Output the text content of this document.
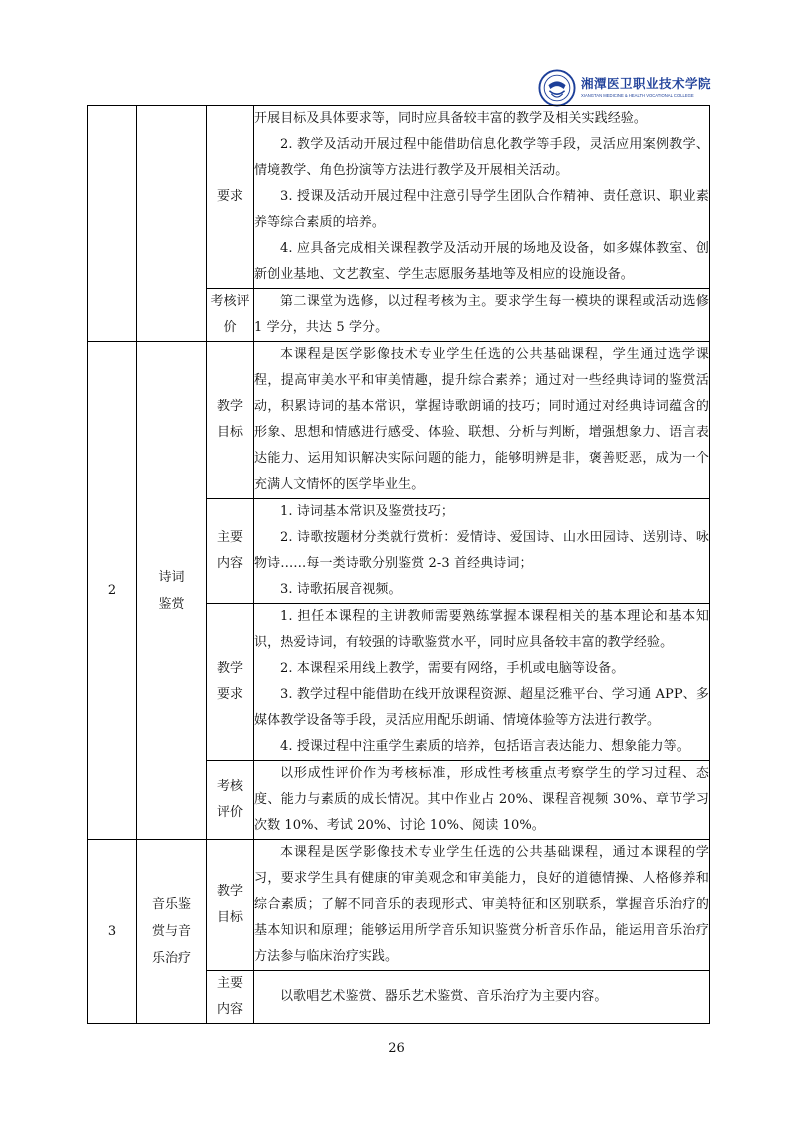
湘潭医卫职业技术学院
XIANGTAN MEDICINE & HEALTH VOCATIONAL COLLEGE
		要求	开展目标及具体要求等，同时应具备较丰富的教学及相关实践经验。

2. 教学及活动开展过程中能借助信息化教学等手段，灵活应用案例教学、情境教学、角色扮演等方法进行教学及开展相关活动。

3. 授课及活动开展过程中注意引导学生团队合作精神、责任意识、职业素养等综合素质的培养。

4. 应具备完成相关课程教学及活动开展的场地及设备，如多媒体教室、创新创业基地、文艺教室、学生志愿服务基地等及相应的设施设备。

		考核评价	第二课堂为选修，以过程考核为主。要求学生每一模块的课程或活动选修 1 学分，共达 5 学分。

2	诗词鉴赏	教学目标	本课程是医学影像技术专业学生任选的公共基础课程，学生通过选学课程，提高审美水平和审美情趣，提升综合素养；通过对一些经典诗词的鉴赏活动，积累诗词的基本常识，掌握诗歌朗诵的技巧；同时通过对经典诗词蕴含的形象、思想和情感进行感受、体验、联想、分析与判断，增强想象力、语言表达能力、运用知识解决实际问题的能力，能够明辨是非，褒善贬恶，成为一个充满人文情怀的医学毕业生。

		主要内容	1. 诗词基本常识及鉴赏技巧；

2. 诗歌按题材分类就行赏析：爱情诗、爱国诗、山水田园诗、送别诗、咏物诗……每一类诗歌分别鉴赏 2-3 首经典诗词；

3. 诗歌拓展音视频。

		教学要求	1. 担任本课程的主讲教师需要熟练掌握本课程相关的基本理论和基本知识，热爱诗词，有较强的诗歌鉴赏水平，同时应具备较丰富的教学经验。

2. 本课程采用线上教学，需要有网络，手机或电脑等设备。

3. 教学过程中能借助在线开放课程资源、超星泛雅平台、学习通 APP、多媒体教学设备等手段，灵活应用配乐朗诵、情境体验等方法进行教学。

4. 授课过程中注重学生素质的培养，包括语言表达能力、想象能力等。

		考核评价	以形成性评价作为考核标准，形成性考核重点考察学生的学习过程、态度、能力与素质的成长情况。其中作业占 20%、课程音视频 30%、章节学习次数 10%、考试 20%、讨论 10%、阅读 10%。

3	音乐鉴赏与音乐治疗	教学目标	本课程是医学影像技术专业学生任选的公共基础课程，通过本课程的学习，要求学生具有健康的审美观念和审美能力，良好的道德情操、人格修养和综合素质；了解不同音乐的表现形式、审美特征和区别联系，掌握音乐治疗的基本知识和原理；能够运用所学音乐知识鉴赏分析音乐作品，能运用音乐治疗方法参与临床治疗实践。

		主要内容	以歌唱艺术鉴赏、器乐艺术鉴赏、音乐治疗为主要内容。

26
